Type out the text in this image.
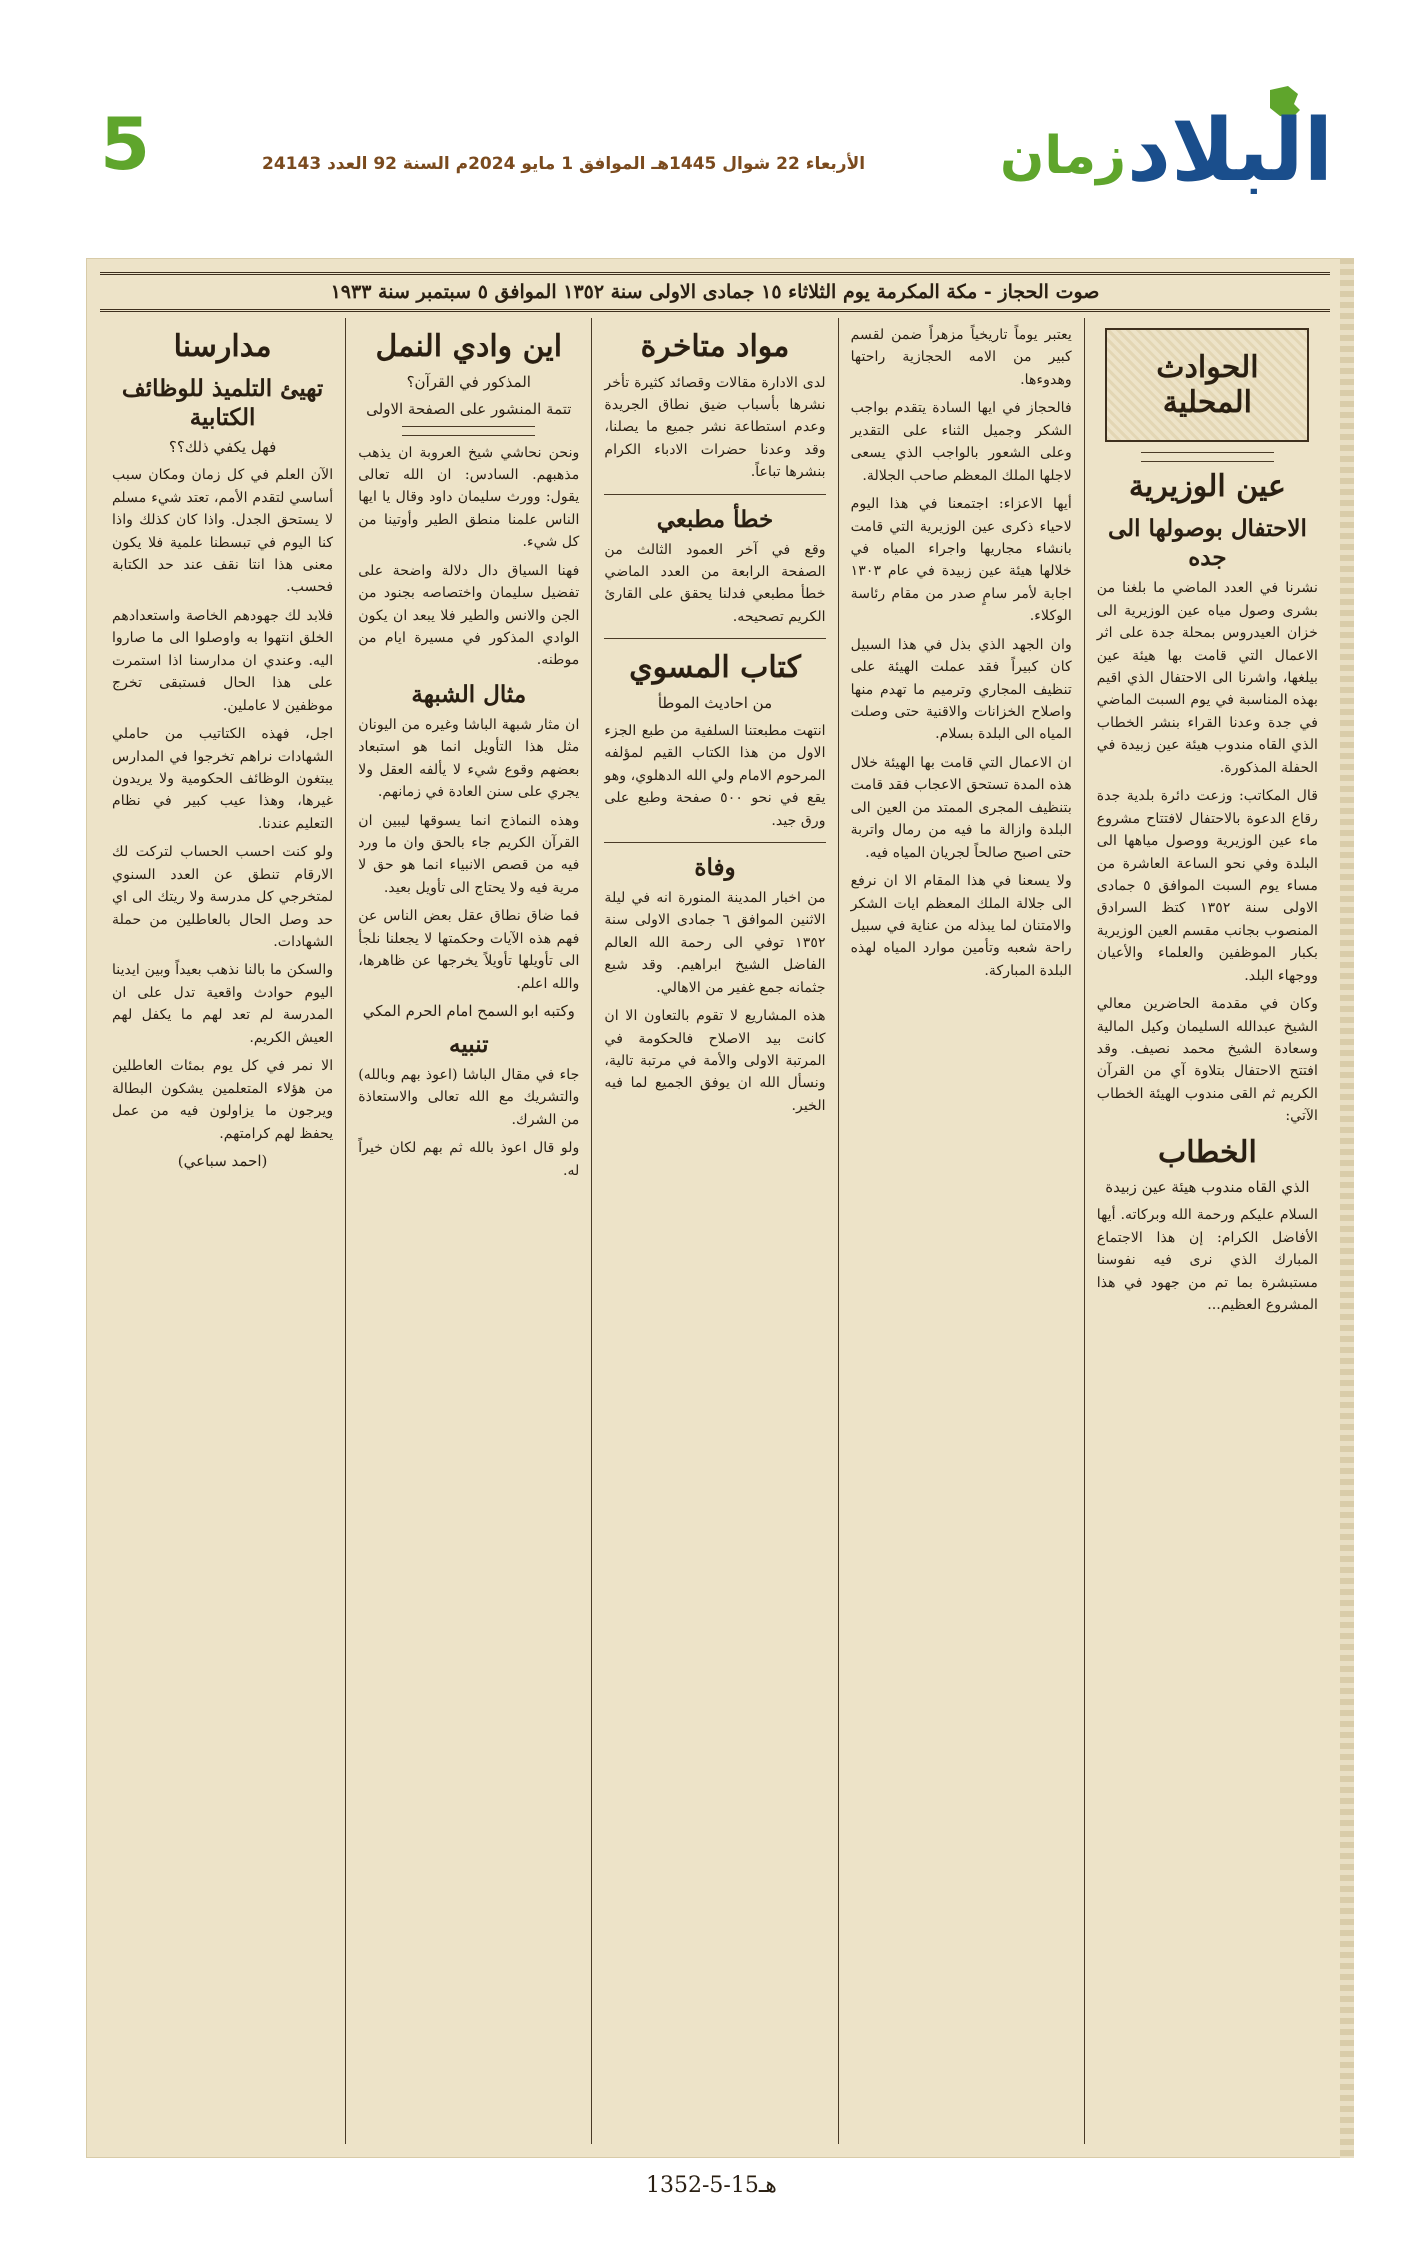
5	الأربعاء 22 شوال 1445هـ الموافق 1 مايو 2024م السنة 92 العدد 24143	زمان البلاد
صوت الحجاز - مكة المكرمة يوم الثلاثاء ١٥ جمادى الاولى سنة ١٣٥٢ الموافق ٥ سبتمبر سنة ١٩٣٣
الحوادث المحلية
عين الوزيرية
الاحتفال بوصولها الى جده

نشرنا في العدد الماضي ما بلغنا من بشرى وصول مياه عين الوزيرية الى خزان العيدروس بمحلة جدة على اثر الاعمال التي قامت بها هيئة عين بيلغها، واشرنا الى الاحتفال الذي اقيم بهذه المناسبة في يوم السبت الماضي في جدة وعدنا القراء بنشر الخطاب الذي القاه مندوب هيئة عين زبيدة في الحفلة المذكورة.

قال المكاتب: وزعت دائرة بلدية جدة رقاع الدعوة بالاحتفال لافتتاح مشروع ماء عين الوزيرية ووصول مياهها الى البلدة وفي نحو الساعة العاشرة من مساء يوم السبت الموافق ٥ جمادى الاولى سنة ١٣٥٢ كتظ السرادق المنصوب بجانب مقسم العين الوزيرية بكبار الموظفين والعلماء والأعيان ووجهاء البلد.

وكان في مقدمة الحاضرين معالي الشيخ عبدالله السليمان وكيل المالية وسعادة الشيخ محمد نصيف. وقد افتتح الاحتفال بتلاوة آي من القرآن الكريم ثم القى مندوب الهيئة الخطاب الآتي:

الخطاب
الذي القاه مندوب هيئة عين زبيدة

السلام عليكم ورحمة الله وبركاته. أيها الأفاضل الكرام: إن هذا الاجتماع المبارك الذي نرى فيه نفوسنا مستبشرة بما تم من جهود في هذا المشروع العظيم...

يعتبر يوماً تاريخياً مزهراً ضمن لقسم كبير من الامه الحجازية راحتها وهدوءها.

فالحجاز في ايها السادة يتقدم بواجب الشكر وجميل الثناء على التقدير وعلى الشعور بالواجب الذي يسعى لاجلها الملك المعظم صاحب الجلالة.

أيها الاعزاء: اجتمعنا في هذا اليوم لاحياء ذكرى عين الوزيرية التي قامت بانشاء مجاريها واجراء المياه في خلالها هيئة عين زبيدة في عام ١٣٠٣ اجابة لأمر سامٍ صدر من مقام رئاسة الوكلاء.

وان الجهد الذي بذل في هذا السبيل كان كبيراً فقد عملت الهيئة على تنظيف المجاري وترميم ما تهدم منها واصلاح الخزانات والاقنية حتى وصلت المياه الى البلدة بسلام.

ان الاعمال التي قامت بها الهيئة خلال هذه المدة تستحق الاعجاب فقد قامت بتنظيف المجرى الممتد من العين الى البلدة وازالة ما فيه من رمال واتربة حتى اصبح صالحاً لجريان المياه فيه.

ولا يسعنا في هذا المقام الا ان نرفع الى جلالة الملك المعظم ايات الشكر والامتنان لما يبذله من عناية في سبيل راحة شعبه وتأمين موارد المياه لهذه البلدة المباركة.

مواد متاخرة

لدى الادارة مقالات وقصائد كثيرة تأخر نشرها بأسباب ضيق نطاق الجريدة وعدم استطاعة نشر جميع ما يصلنا، وقد وعدنا حضرات الادباء الكرام بنشرها تباعاً.

خطأ مطبعي

وقع في آخر العمود الثالث من الصفحة الرابعة من العدد الماضي خطأ مطبعي فدلنا يحقق على القارئ الكريم تصحيحه.

كتاب المسوي
من احاديث الموطأ

انتهت مطبعتنا السلفية من طبع الجزء الاول من هذا الكتاب القيم لمؤلفه المرحوم الامام ولي الله الدهلوي، وهو يقع في نحو ٥٠٠ صفحة وطبع على ورق جيد.

وفاة

من اخبار المدينة المنورة انه في ليلة الاثنين الموافق ٦ جمادى الاولى سنة ١٣٥٢ توفي الى رحمة الله العالم الفاضل الشيخ ابراهيم. وقد شيع جثمانه جمع غفير من الاهالي.

هذه المشاريع لا تقوم بالتعاون الا ان كانت بيد الاصلاح فالحكومة في المرتبة الاولى والأمة في مرتبة تالية، ونسأل الله ان يوفق الجميع لما فيه الخير.

اين وادي النمل
المذكور في القرآن؟
تتمة المنشور على الصفحة الاولى

ونحن نحاشي شيخ العروبة ان يذهب مذهبهم. السادس: ان الله تعالى يقول: وورث سليمان داود وقال يا ايها الناس علمنا منطق الطير وأوتينا من كل شيء.

فهنا السياق دال دلالة واضحة على تفضيل سليمان واختصاصه بجنود من الجن والانس والطير فلا يبعد ان يكون الوادي المذكور في مسيرة ايام من موطنه.

مثال الشبهة

ان مثار شبهة الباشا وغيره من اليونان مثل هذا التأويل انما هو استبعاد بعضهم وقوع شيء لا يألفه العقل ولا يجري على سنن العادة في زمانهم.

وهذه النماذج انما يسوقها ليبين ان القرآن الكريم جاء بالحق وان ما ورد فيه من قصص الانبياء انما هو حق لا مرية فيه ولا يحتاج الى تأويل بعيد.

فما ضاق نطاق عقل بعض الناس عن فهم هذه الآيات وحكمتها لا يجعلنا نلجأ الى تأويلها تأويلاً يخرجها عن ظاهرها، والله اعلم.

وكتبه ابو السمح امام الحرم المكي
تنبيه

جاء في مقال الباشا (اعوذ بهم وبالله) والتشريك مع الله تعالى والاستعاذة من الشرك.

ولو قال اعوذ بالله ثم بهم لكان خيراً له.

مدارسنا
تهيئ التلميذ للوظائف الكتابية
فهل يكفي ذلك؟؟

الآن العلم في كل زمان ومكان سبب أساسي لتقدم الأمم، تعتد شيء مسلم لا يستحق الجدل. واذا كان كذلك واذا كنا اليوم في تبسطنا علمية فلا يكون معنى هذا انتا نقف عند حد الكتابة فحسب.

فلابد لك جهودهم الخاصة واستعدادهم الخلق انتهوا به واوصلوا الى ما صاروا اليه. وعندي ان مدارسنا اذا استمرت على هذا الحال فستبقى تخرج موظفين لا عاملين.

اجل، فهذه الكتاتيب من حاملي الشهادات نراهم تخرجوا في المدارس يبتغون الوظائف الحكومية ولا يريدون غيرها، وهذا عيب كبير في نظام التعليم عندنا.

ولو كنت احسب الحساب لتركت لك الارقام تنطق عن العدد السنوي لمتخرجي كل مدرسة ولا ريتك الى اي حد وصل الحال بالعاطلين من حملة الشهادات.

والسكن ما بالنا نذهب بعيداً وبين ايدينا اليوم حوادث واقعية تدل على ان المدرسة لم تعد لهم ما يكفل لهم العيش الكريم.

الا نمر في كل يوم بمئات العاطلين من هؤلاء المتعلمين يشكون البطالة ويرجون ما يزاولون فيه من عمل يحفظ لهم كرامتهم.

(احمد سباعي)
1352-5-15هـ
